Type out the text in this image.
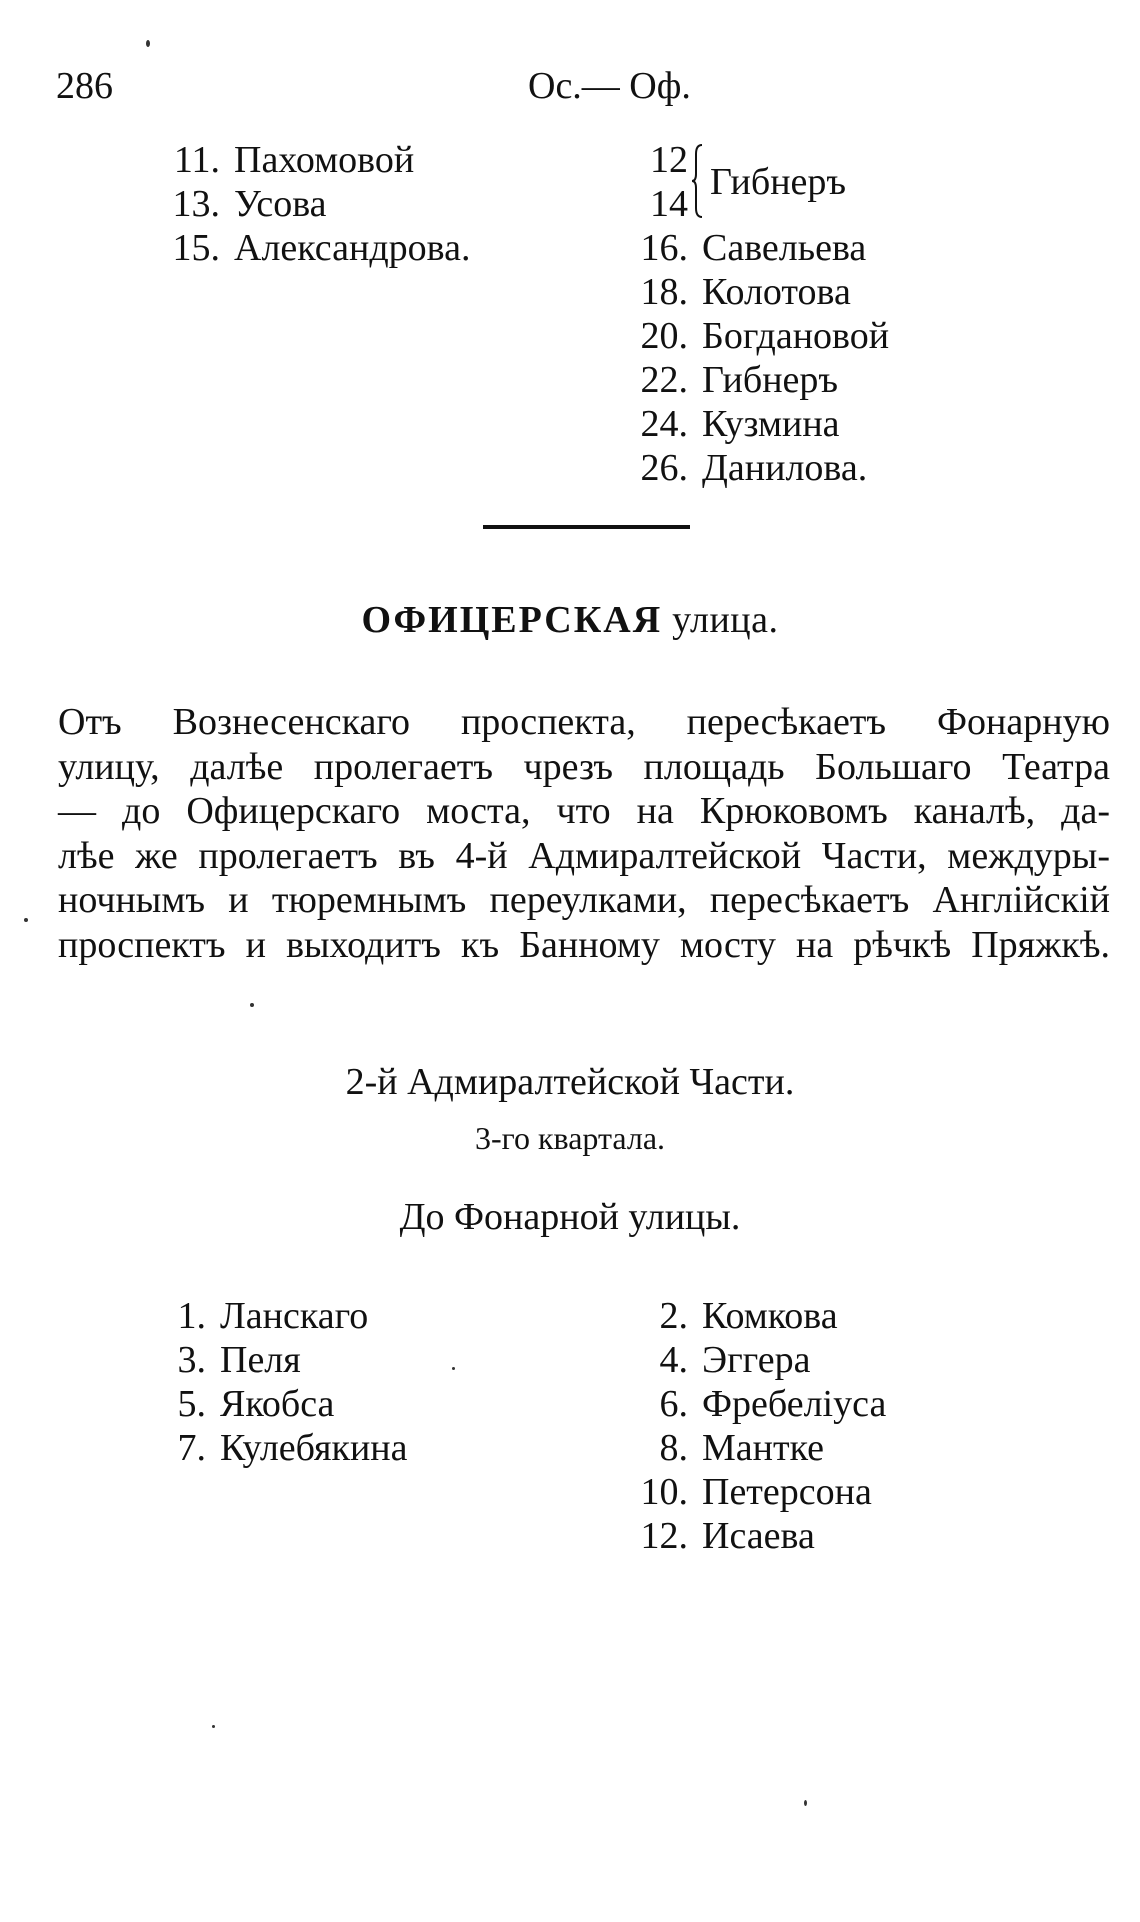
286	Ос.— Оф.
11. Пахомовой
13. Усова
15. Александрова.
12
14
Гибнеръ
16. Савельева
18. Колотова
20. Богдановой
22. Гибнеръ
24. Кузмина
26. Данилова.
ОФИЦЕРСКАЯ улица.
Отъ Вознесенскаго проспекта, пересѣкаетъ Фонарную
улицу, далѣе пролегаетъ чрезъ площадь Большаго Театра
— до Офицерскаго моста, что на Крюковомъ каналѣ, да-
лѣе же пролегаетъ въ 4-й Адмиралтейской Части, междуры-
ночнымъ и тюремнымъ переулками, пересѣкаетъ Англійскій
проспектъ и выходитъ къ Банному мосту на рѣчкѣ Пряжкѣ.
2-й Адмиралтейской Части.
3-го квартала.
До Фонарной улицы.
1. Ланскаго
3. Пеля
5. Якобса
7. Кулебякина
2. Комкова
4. Эггера
6. Фребеліуса
8. Мантке
10. Петерсона
12. Исаева
